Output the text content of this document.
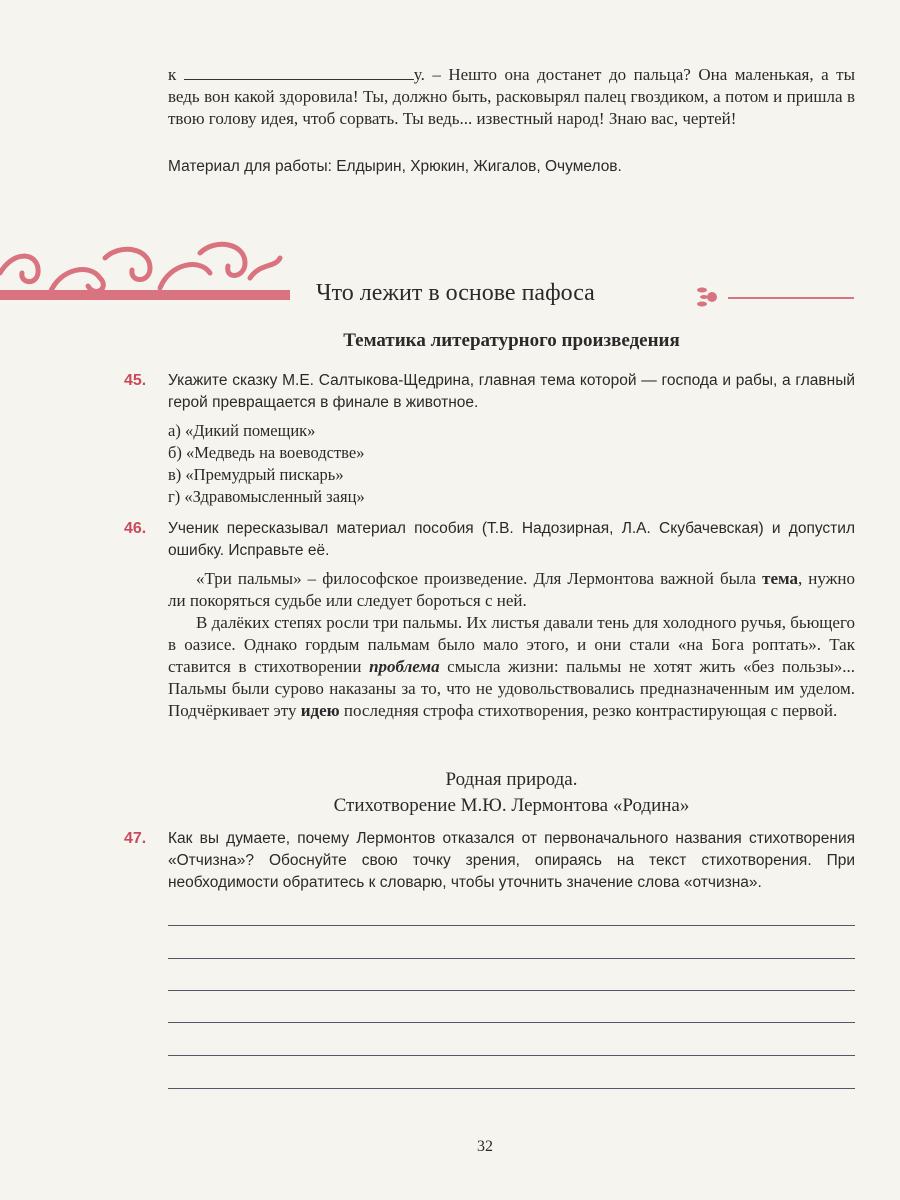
к	у. – Нешто она достанет до пальца? Она маленькая, а ты ведь вон какой здоровила! Ты, должно быть, расковырял палец гвоздиком, а потом и пришла в твою голову идея, чтоб сорвать. Ты ведь... известный народ! Знаю вас, чертей!
Материал для работы: Елдырин, Хрюкин, Жигалов, Очумелов.
Что лежит в основе пафоса
Тематика литературного произведения
45. Укажите сказку М.Е. Салтыкова-Щедрина, главная тема которой — господа и рабы, а главный герой превращается в финале в животное.
а) «Дикий помещик»
б) «Медведь на воеводстве»
в) «Премудрый пискарь»
г) «Здравомысленный заяц»
46. Ученик пересказывал материал пособия (Т.В. Надозирная, Л.А. Скубачевская) и допустил ошибку. Исправьте её.
«Три пальмы» – философское произведение. Для Лермонтова важной была тема, нужно ли покоряться судьбе или следует бороться с ней.
В далёких степях росли три пальмы. Их листья давали тень для холодного ручья, бьющего в оазисе. Однако гордым пальмам было мало этого, и они стали «на Бога роптать». Так ставится в стихотворении проблема смысла жизни: пальмы не хотят жить «без пользы»... Пальмы были сурово наказаны за то, что не удовольствовались предназначенным им уделом. Подчёркивает эту идею последняя строфа стихотворения, резко контрастирующая с первой.
Родная природа.
Стихотворение М.Ю. Лермонтова «Родина»
47. Как вы думаете, почему Лермонтов отказался от первоначального названия стихотворения «Отчизна»? Обоснуйте свою точку зрения, опираясь на текст стихотворения. При необходимости обратитесь к словарю, чтобы уточнить значение слова «отчизна».
32
